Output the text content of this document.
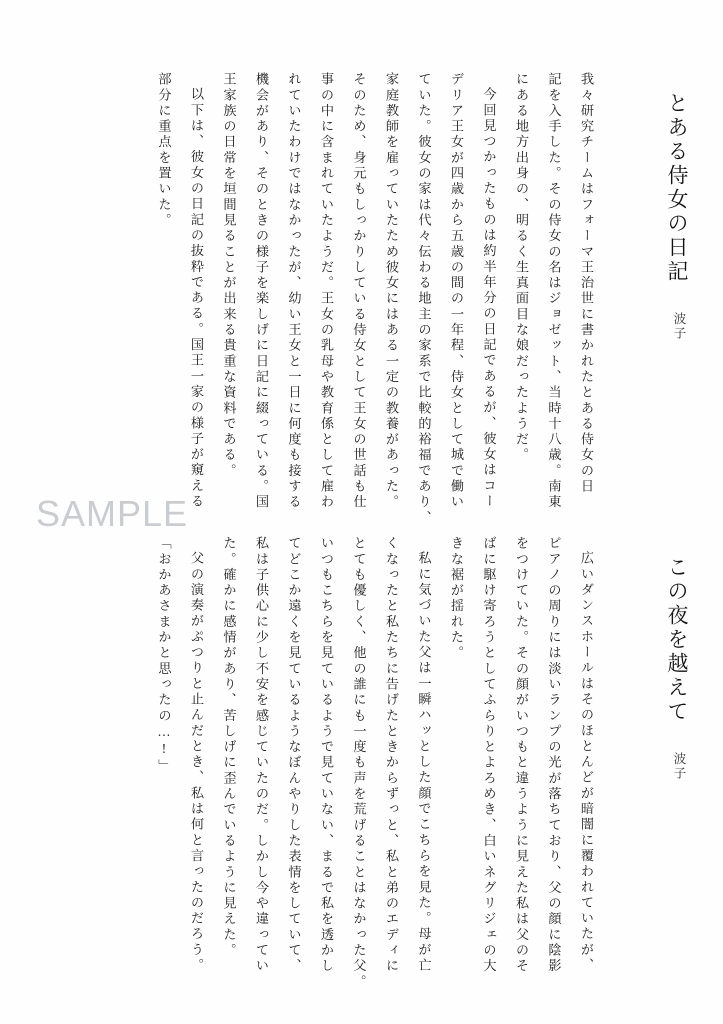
とある侍女の日記
波子
我々研究チームはフォーマ王治世に書かれたとある侍女の日
記を入手した。その侍女の名はジョゼット、当時十八歳。南東
にある地方出身の、明るく生真面目な娘だったようだ。
今回見つかったものは約半年分の日記であるが、彼女はコー
デリア王女が四歳から五歳の間の一年程、侍女として城で働い
ていた。彼女の家は代々伝わる地主の家系で比較的裕福であり、
家庭教師を雇っていたため彼女にはある一定の教養があった。
そのため、身元もしっかりしている侍女として王女の世話も仕
事の中に含まれていたようだ。王女の乳母や教育係として雇わ
れていたわけではなかったが、幼い王女と一日に何度も接する
機会があり、そのときの様子を楽しげに日記に綴っている。国
王家族の日常を垣間見ることが出来る貴重な資料である。
以下は、彼女の日記の抜粋である。国王一家の様子が窺える
部分に重点を置いた。
この夜を越えて
波子
広いダンスホールはそのほとんどが暗闇に覆われていたが、
ピアノの周りには淡いランプの光が落ちており、父の顔に陰影
をつけていた。その顔がいつもと違うように見えた私は父のそ
ばに駆け寄ろうとしてふらりとよろめき、白いネグリジェの大
きな裾が揺れた。
私に気づいた父は一瞬ハッとした顔でこちらを見た。母が亡
くなったと私たちに告げたときからずっと、私と弟のエディに
とても優しく、他の誰にも一度も声を荒げることはなかった父。
いつもこちらを見ているようで見ていない、まるで私を透かし
てどこか遠くを見ているようなぼんやりした表情をしていて、
私は子供心に少し不安を感じていたのだ。しかし今や違ってい
た。確かに感情があり、苦しげに歪んでいるように見えた。
父の演奏がぷつりと止んだとき、私は何と言ったのだろう。
「おかあさまかと思ったの…!」
SAMPLE
